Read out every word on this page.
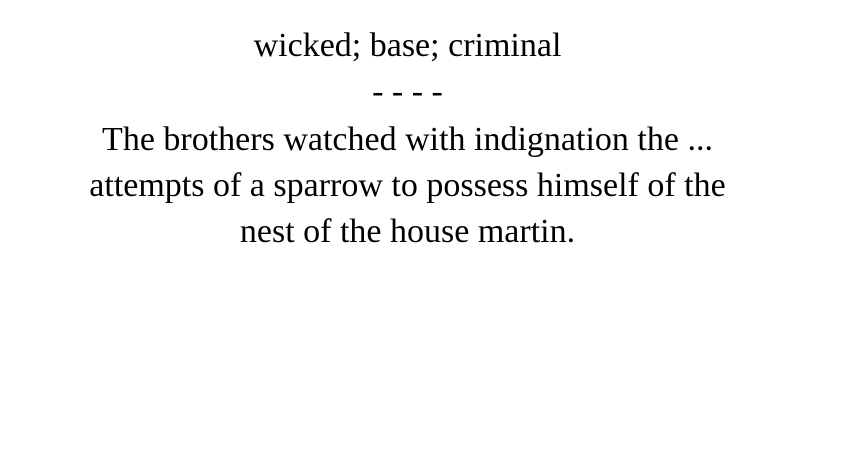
wicked; base; criminal
- - - -
The brothers watched with indignation the ...
attempts of a sparrow to possess himself of the
nest of the house martin.
